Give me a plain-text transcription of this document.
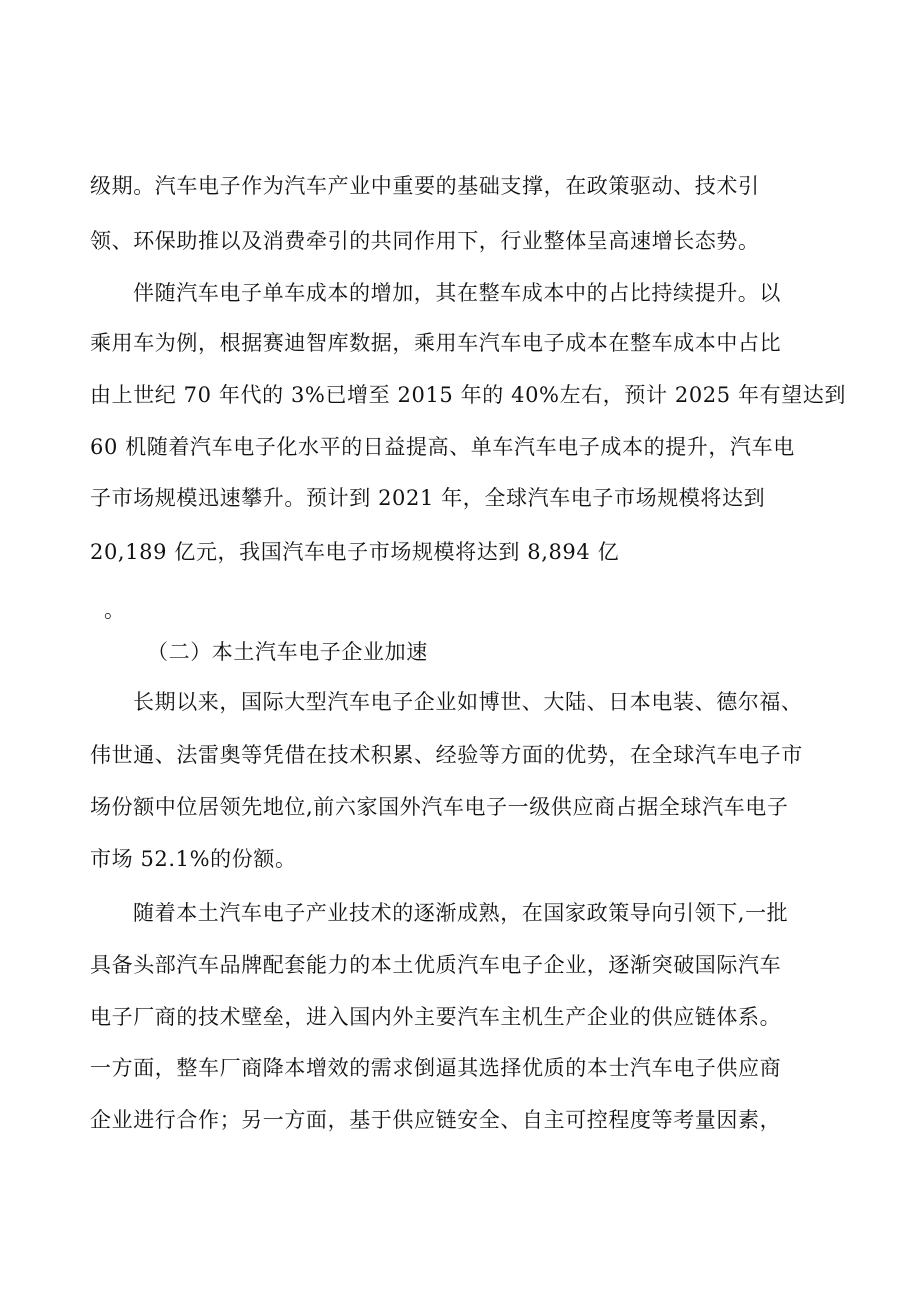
级期。汽车电子作为汽车产业中重要的基础支撑，在政策驱动、技术引
领、环保助推以及消费牵引的共同作用下，行业整体呈高速增长态势。
伴随汽车电子单车成本的增加，其在整车成本中的占比持续提升。以
乘用车为例，根据赛迪智库数据，乘用车汽车电子成本在整车成本中占比
由上世纪 70 年代的 3%已增至 2015 年的 40%左右，预计 2025 年有望达到
60 机随着汽车电子化水平的日益提高、单车汽车电子成本的提升，汽车电
子市场规模迅速攀升。预计到 2021 年，全球汽车电子市场规模将达到
20,189 亿元，我国汽车电子市场规模将达到 8,894 亿
。
（二）本土汽车电子企业加速
长期以来，国际大型汽车电子企业如博世、大陆、日本电装、德尔福、
伟世通、法雷奥等凭借在技术积累、经验等方面的优势，在全球汽车电子市
场份额中位居领先地位,前六家国外汽车电子一级供应商占据全球汽车电子
市场 52.1%的份额。
随着本土汽车电子产业技术的逐渐成熟，在国家政策导向引领下,一批
具备头部汽车品牌配套能力的本土优质汽车电子企业，逐渐突破国际汽车
电子厂商的技术壁垒，进入国内外主要汽车主机生产企业的供应链体系。
一方面，整车厂商降本增效的需求倒逼其选择优质的本士汽车电子供应商
企业进行合作；另一方面，基于供应链安全、自主可控程度等考量因素，
